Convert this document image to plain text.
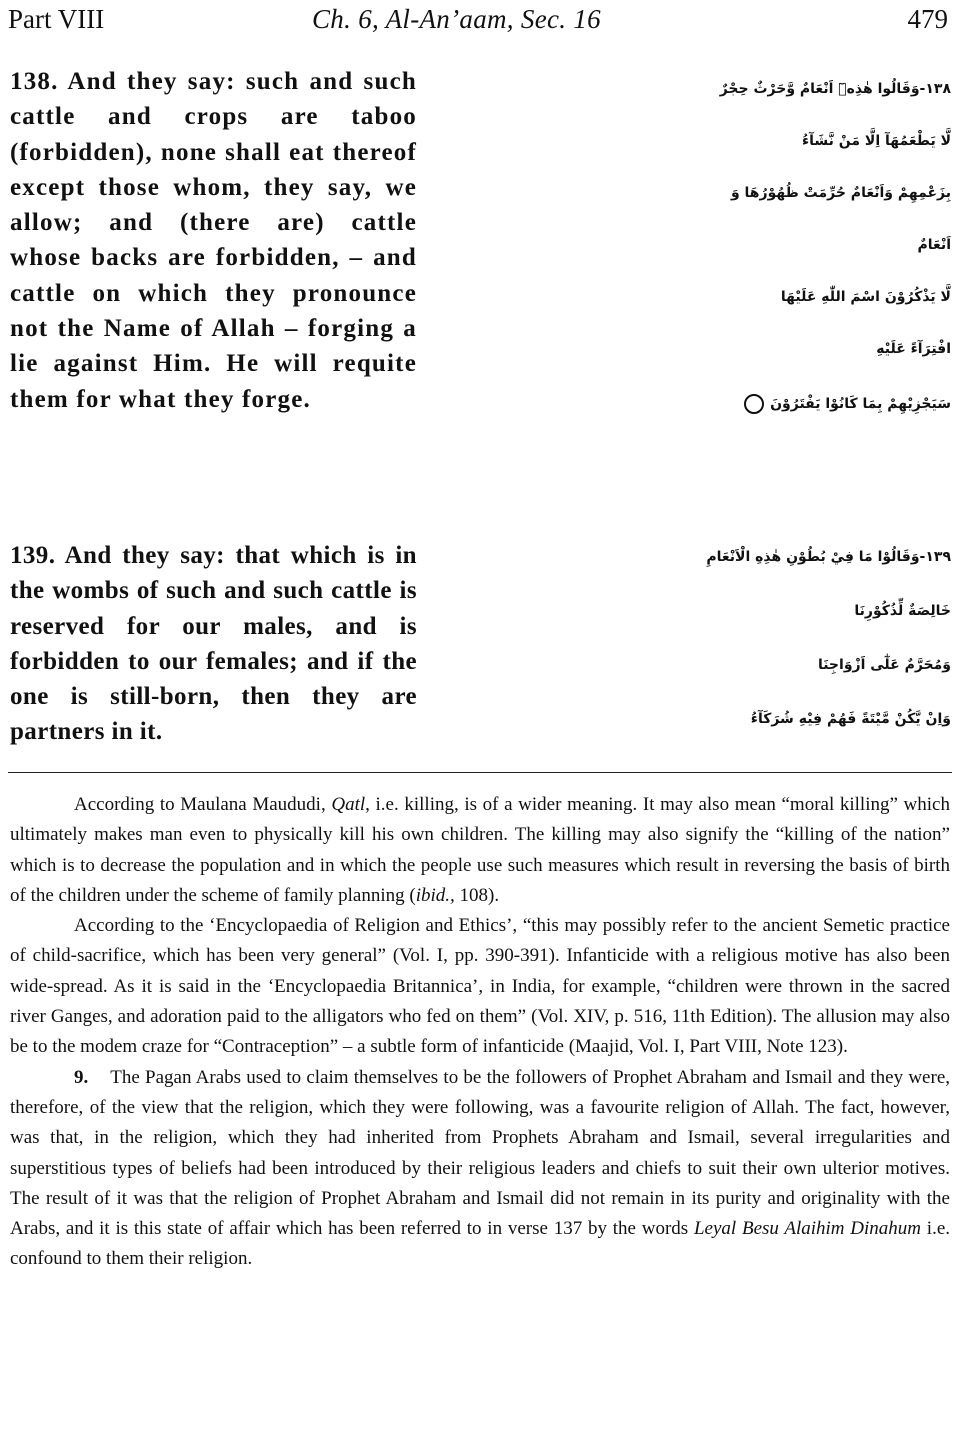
Part VIII	Ch. 6, Al-An’aam, Sec. 16	479
138. And they say: such and such cattle and crops are taboo (forbidden), none shall eat thereof except those whom, they say, we allow; and (there are) cattle whose backs are forbidden, – and cattle on which they pronounce not the Name of Allah – forging a lie against Him. He will requite them for what they forge.
١٣٨-وَقَالُوا هٰذِهٖٓ اَنْعَامٌ وَّحَرْثٌ حِجْرٌ
لَّا يَطْعَمُهَآ اِلَّا مَنْ نَّشَآءُ
بِزَعْمِهِمْ وَاَنْعَامٌ حُرِّمَتْ ظُهُوْرُهَا وَ
اَنْعَامٌ
لَّا يَذْكُرُوْنَ اسْمَ اللّٰهِ عَلَيْهَا
افْتِرَآءً عَلَيْهِ
سَيَجْزِيْهِمْ بِمَا كَانُوْا يَفْتَرُوْنَ
139. And they say: that which is in the wombs of such and such cattle is reserved for our males, and is forbidden to our females; and if the one is still-born, then they are partners in it.
١٣٩-وَقَالُوْا مَا فِيْ بُطُوْنِ هٰذِهِ الْاَنْعَامِ
خَالِصَةٌ لِّذُكُوْرِنَا
وَمُحَرَّمٌ عَلٰٓى اَزْوَاجِنَا
وَاِنْ يَّكُنْ مَّيْتَةً فَهُمْ فِيْهِ شُرَكَآءُ

According to Maulana Maududi, Qatl, i.e. killing, is of a wider meaning. It may also mean “moral killing” which ultimately makes man even to physically kill his own children. The killing may also signify the “killing of the nation” which is to decrease the population and in which the people use such measures which result in reversing the basis of birth of the children under the scheme of family planning (ibid., 108).

According to the ‘Encyclopaedia of Religion and Ethics’, “this may possibly refer to the ancient Semetic practice of child-sacrifice, which has been very general” (Vol. I, pp. 390-391). Infanticide with a religious motive has also been wide-spread. As it is said in the ‘Encyclopaedia Britannica’, in India, for example, “children were thrown in the sacred river Ganges, and adoration paid to the alligators who fed on them” (Vol. XIV, p. 516, 11th Edition). The allusion may also be to the modem craze for “Contraception” – a subtle form of infanticide (Maajid, Vol. I, Part VIII, Note 123).

9. The Pagan Arabs used to claim themselves to be the followers of Prophet Abraham and Ismail and they were, therefore, of the view that the religion, which they were following, was a favourite religion of Allah. The fact, however, was that, in the religion, which they had inherited from Prophets Abraham and Ismail, several irregularities and superstitious types of beliefs had been introduced by their religious leaders and chiefs to suit their own ulterior motives. The result of it was that the religion of Prophet Abraham and Ismail did not remain in its purity and originality with the Arabs, and it is this state of affair which has been referred to in verse 137 by the words Leyal Besu Alaihim Dinahum i.e. confound to them their religion.
